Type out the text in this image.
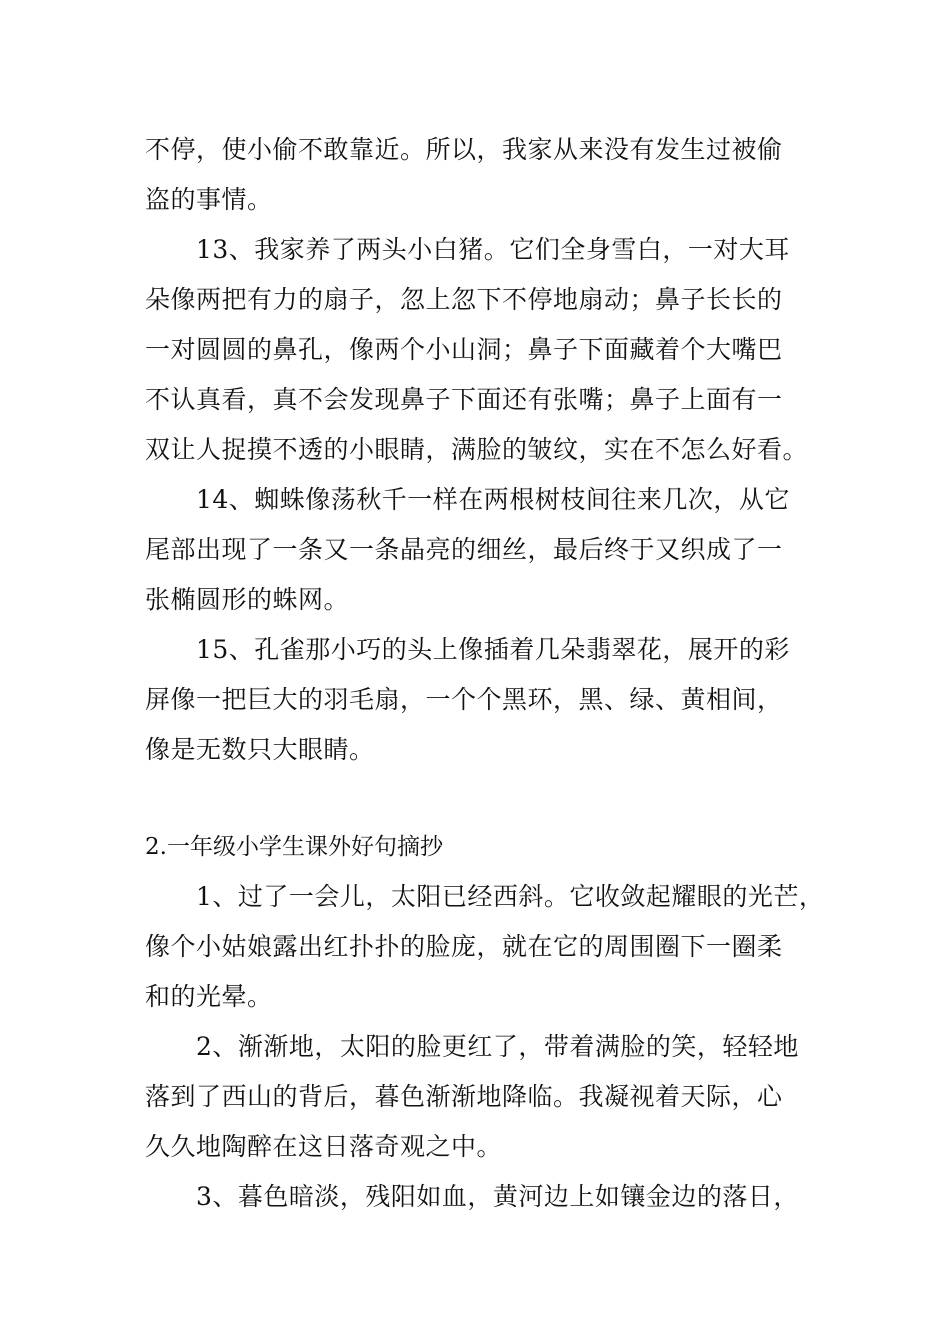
不停，使小偷不敢靠近。所以，我家从来没有发生过被偷
盗的事情。
13、我家养了两头小白猪。它们全身雪白，一对大耳
朵像两把有力的扇子，忽上忽下不停地扇动；鼻子长长的
一对圆圆的鼻孔，像两个小山洞；鼻子下面藏着个大嘴巴
不认真看，真不会发现鼻子下面还有张嘴；鼻子上面有一
双让人捉摸不透的小眼睛，满脸的皱纹，实在不怎么好看。
14、蜘蛛像荡秋千一样在两根树枝间往来几次，从它
尾部出现了一条又一条晶亮的细丝，最后终于又织成了一
张椭圆形的蛛网。
15、孔雀那小巧的头上像插着几朵翡翠花，展开的彩
屏像一把巨大的羽毛扇，一个个黑环，黑、绿、黄相间，
像是无数只大眼睛。
2.一年级小学生课外好句摘抄
1、过了一会儿，太阳已经西斜。它收敛起耀眼的光芒，
像个小姑娘露出红扑扑的脸庞，就在它的周围圈下一圈柔
和的光晕。
2、渐渐地，太阳的脸更红了，带着满脸的笑，轻轻地
落到了西山的背后，暮色渐渐地降临。我凝视着天际，心
久久地陶醉在这日落奇观之中。
3、暮色暗淡，残阳如血，黄河边上如镶金边的落日，
